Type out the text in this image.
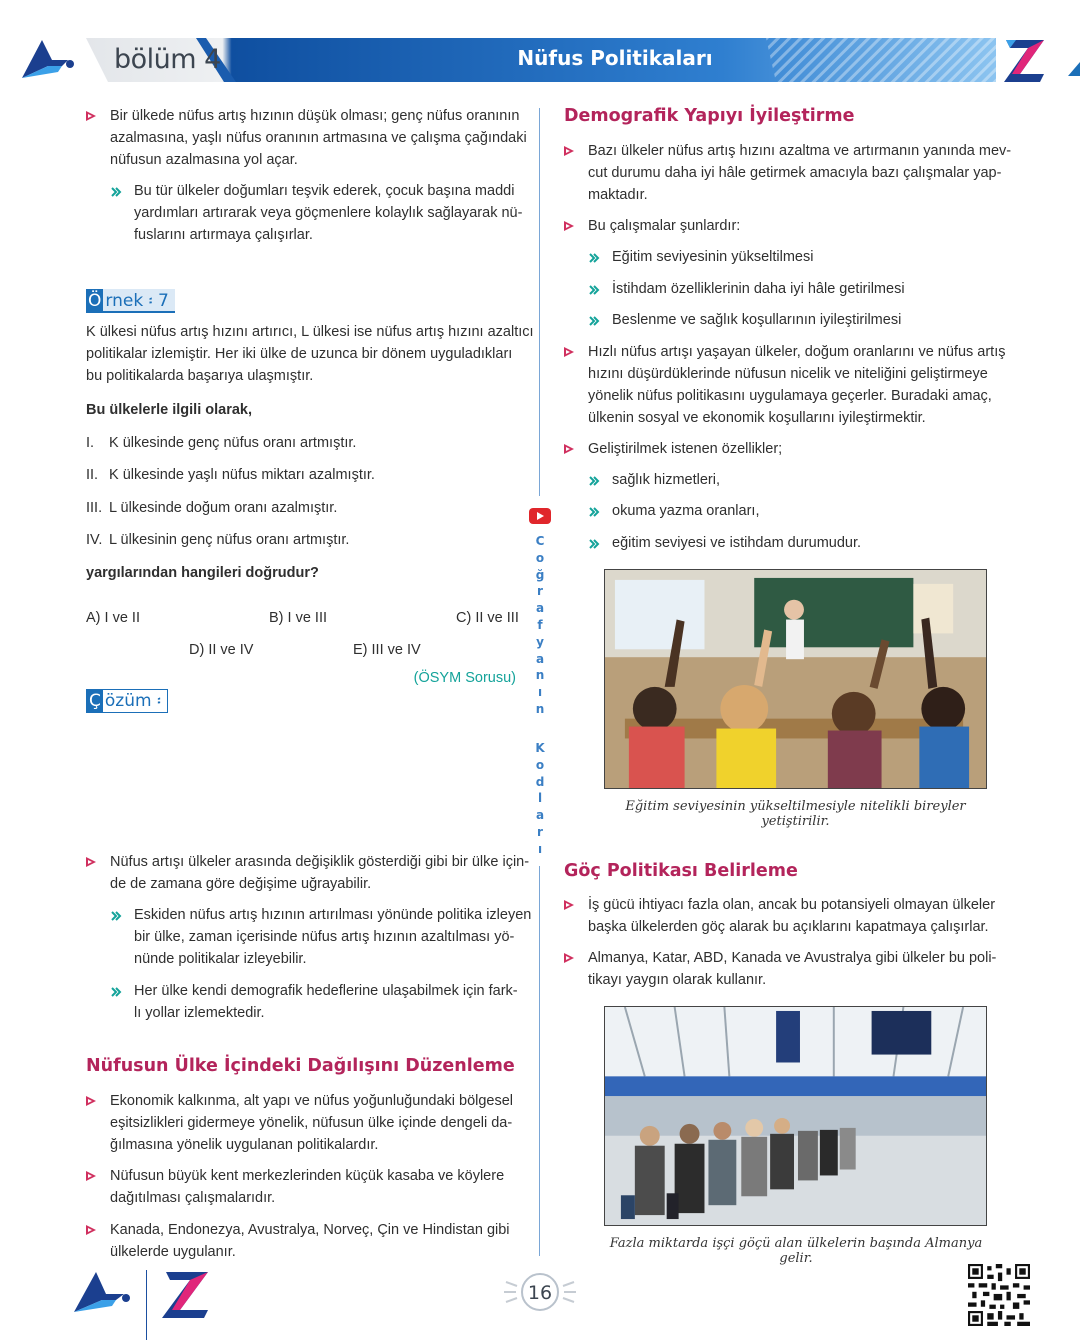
bölüm 4	Nüfus Politikaları
Bir ülkede nüfus artış hızının düşük olması; genç nüfus oranının
azalmasına, yaşlı nüfus oranının artmasına ve çalışma çağındaki
nüfusun azalmasına yol açar.
Bu tür ülkeler doğumları teşvik ederek, çocuk başına maddi
yardımları artırarak veya göçmenlere kolaylık sağlayarak nü-
fuslarını artırmaya çalışırlar.
Ö rnek ፡ 7
K ülkesi nüfus artış hızını artırıcı, L ülkesi ise nüfus artış hızını azaltıcı
politikalar izlemiştir. Her iki ülke de uzunca bir dönem uyguladıkları
bu politikalarda başarıya ulaşmıştır.
Bu ülkelerle ilgili olarak,
I. K ülkesinde genç nüfus oranı artmıştır.
II. K ülkesinde yaşlı nüfus miktarı azalmıştır.
III. L ülkesinde doğum oranı azalmıştır.
IV. L ülkesinin genç nüfus oranı artmıştır.
yargılarından hangileri doğrudur?
A) I ve II	B) I ve III	C) II ve III
D) II ve IV	E) III ve IV
(ÖSYM Sorusu)
Ç özüm ፡
Nüfus artışı ülkeler arasında değişiklik gösterdiği gibi bir ülke için-
de de zamana göre değişime uğrayabilir.
Eskiden nüfus artış hızının artırılması yönünde politika izleyen
bir ülke, zaman içerisinde nüfus artış hızının azaltılması yö-
nünde politikalar izleyebilir.
Her ülke kendi demografik hedeflerine ulaşabilmek için fark-
lı yollar izlemektedir.
Nüfusun Ülke İçindeki Dağılışını Düzenleme
Ekonomik kalkınma, alt yapı ve nüfus yoğunluğundaki bölgesel
eşitsizlikleri gidermeye yönelik, nüfusun ülke içinde dengeli da-
ğılmasına yönelik uygulanan politikalardır.
Nüfusun büyük kent merkezlerinden küçük kasaba ve köylere
dağıtılması çalışmalarıdır.
Kanada, Endonezya, Avustralya, Norveç, Çin ve Hindistan gibi
ülkelerde uygulanır.
C
o
ğ
r
a
f
y
a
n
ı
n
K
o
d
l
a
r
ı
Demografik Yapıyı İyileştirme
Bazı ülkeler nüfus artış hızını azaltma ve artırmanın yanında mev-
cut durumu daha iyi hâle getirmek amacıyla bazı çalışmalar yap-
maktadır.
Bu çalışmalar şunlardır:
Eğitim seviyesinin yükseltilmesi
İstihdam özelliklerinin daha iyi hâle getirilmesi
Beslenme ve sağlık koşullarının iyileştirilmesi
Hızlı nüfus artışı yaşayan ülkeler, doğum oranlarını ve nüfus artış
hızını düşürdüklerinde nüfusun nicelik ve niteliğini geliştirmeye
yönelik nüfus politikasını uygulamaya geçerler. Buradaki amaç,
ülkenin sosyal ve ekonomik koşullarını iyileştirmektir.
Geliştirilmek istenen özellikler;
sağlık hizmetleri,
okuma yazma oranları,
eğitim seviyesi ve istihdam durumudur.
Eğitim seviyesinin yükseltilmesiyle nitelikli bireyler yetiştirilir.
Göç Politikası Belirleme
İş gücü ihtiyacı fazla olan, ancak bu potansiyeli olmayan ülkeler
başka ülkelerden göç alarak bu açıklarını kapatmaya çalışırlar.
Almanya, Katar, ABD, Kanada ve Avustralya gibi ülkeler bu poli-
tikayı yaygın olarak kullanır.
Fazla miktarda işçi göçü alan ülkelerin başında Almanya gelir.
16
